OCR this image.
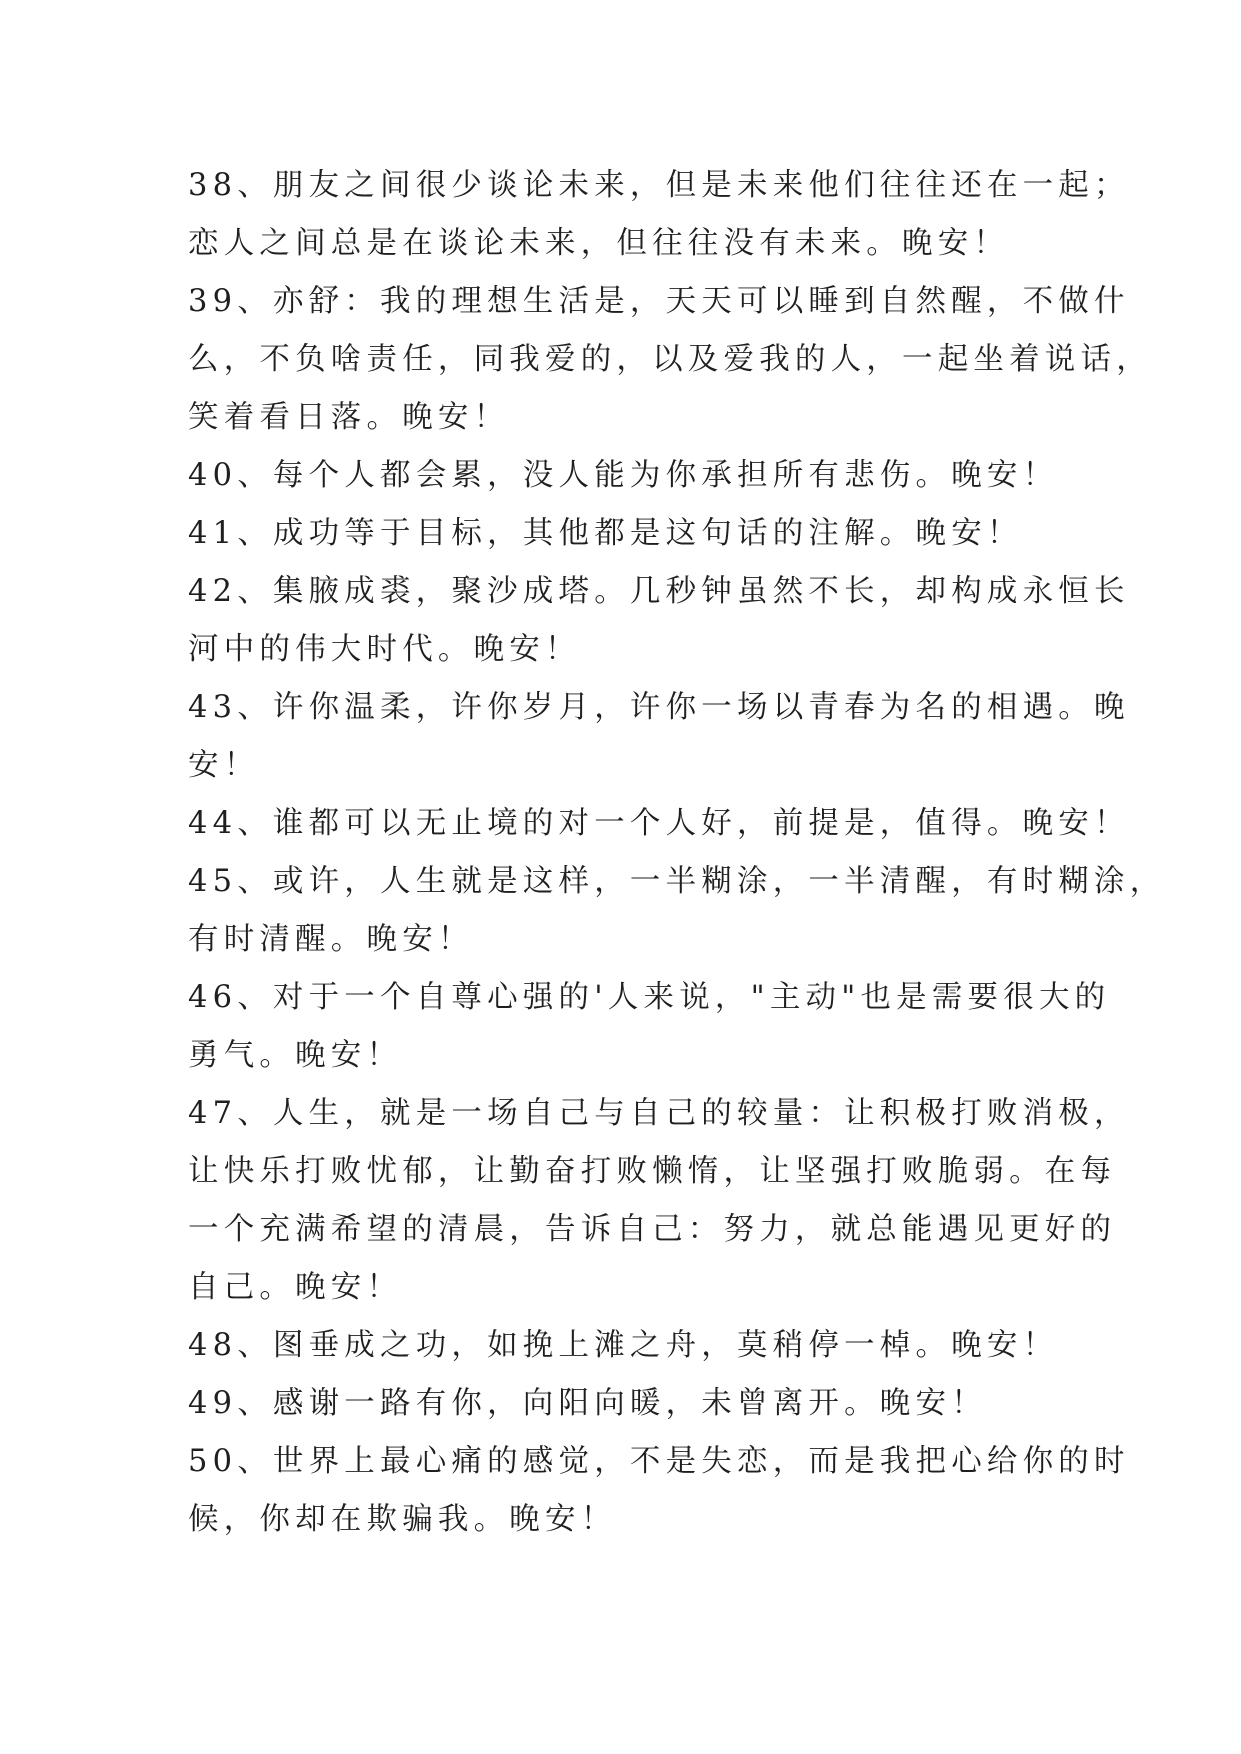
38、朋友之间很少谈论未来，但是未来他们往往还在一起；
恋人之间总是在谈论未来，但往往没有未来。晚安！

39、亦舒：我的理想生活是，天天可以睡到自然醒，不做什
么，不负啥责任，同我爱的，以及爱我的人，一起坐着说话，
笑着看日落。晚安！

40、每个人都会累，没人能为你承担所有悲伤。晚安！

41、成功等于目标，其他都是这句话的注解。晚安！

42、集腋成裘，聚沙成塔。几秒钟虽然不长，却构成永恒长
河中的伟大时代。晚安！

43、许你温柔，许你岁月，许你一场以青春为名的相遇。晚
安！

44、谁都可以无止境的对一个人好，前提是，值得。晚安！

45、或许，人生就是这样，一半糊涂，一半清醒，有时糊涂，
有时清醒。晚安！

46、对于一个自尊心强的'人来说，"主动"也是需要很大的
勇气。晚安！

47、人生，就是一场自己与自己的较量：让积极打败消极，
让快乐打败忧郁，让勤奋打败懒惰，让坚强打败脆弱。在每
一个充满希望的清晨，告诉自己：努力，就总能遇见更好的
自己。晚安！

48、图垂成之功，如挽上滩之舟，莫稍停一棹。晚安！

49、感谢一路有你，向阳向暖，未曾离开。晚安！

50、世界上最心痛的感觉，不是失恋，而是我把心给你的时
候，你却在欺骗我。晚安！
